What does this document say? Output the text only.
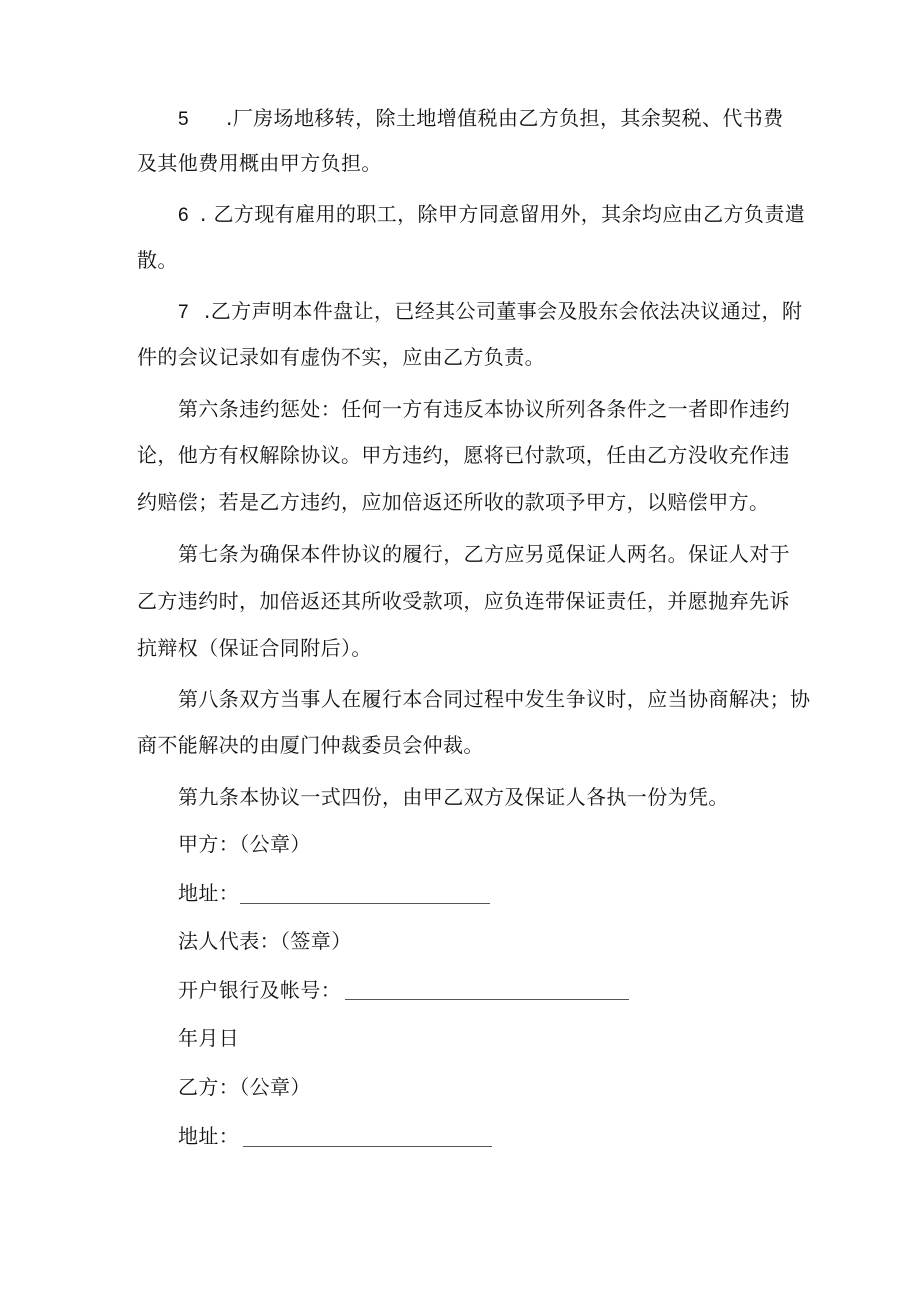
5 .厂房场地移转，除土地增值税由乙方负担，其余契税、代书费
及其他费用概由甲方负担。
6 . 乙方现有雇用的职工，除甲方同意留用外，其余均应由乙方负责遣
散。
7 .乙方声明本件盘让，已经其公司董事会及股东会依法决议通过，附
件的会议记录如有虚伪不实，应由乙方负责。
第六条违约惩处：任何一方有违反本协议所列各条件之一者即作违约
论，他方有权解除协议。甲方违约，愿将已付款项，任由乙方没收充作违
约赔偿；若是乙方违约，应加倍返还所收的款项予甲方，以赔偿甲方。
第七条为确保本件协议的履行，乙方应另觅保证人两名。保证人对于
乙方违约时，加倍返还其所收受款项，应负连带保证责任，并愿抛弃先诉
抗辩权（保证合同附后）。
第八条双方当事人在履行本合同过程中发生争议时，应当协商解决；协
商不能解决的由厦门仲裁委员会仲裁。
第九条本协议一式四份，由甲乙双方及保证人各执一份为凭。
甲方：（公章）
地址：
法人代表：（签章）
开户银行及帐号：
年月日
乙方：（公章）
地址：
